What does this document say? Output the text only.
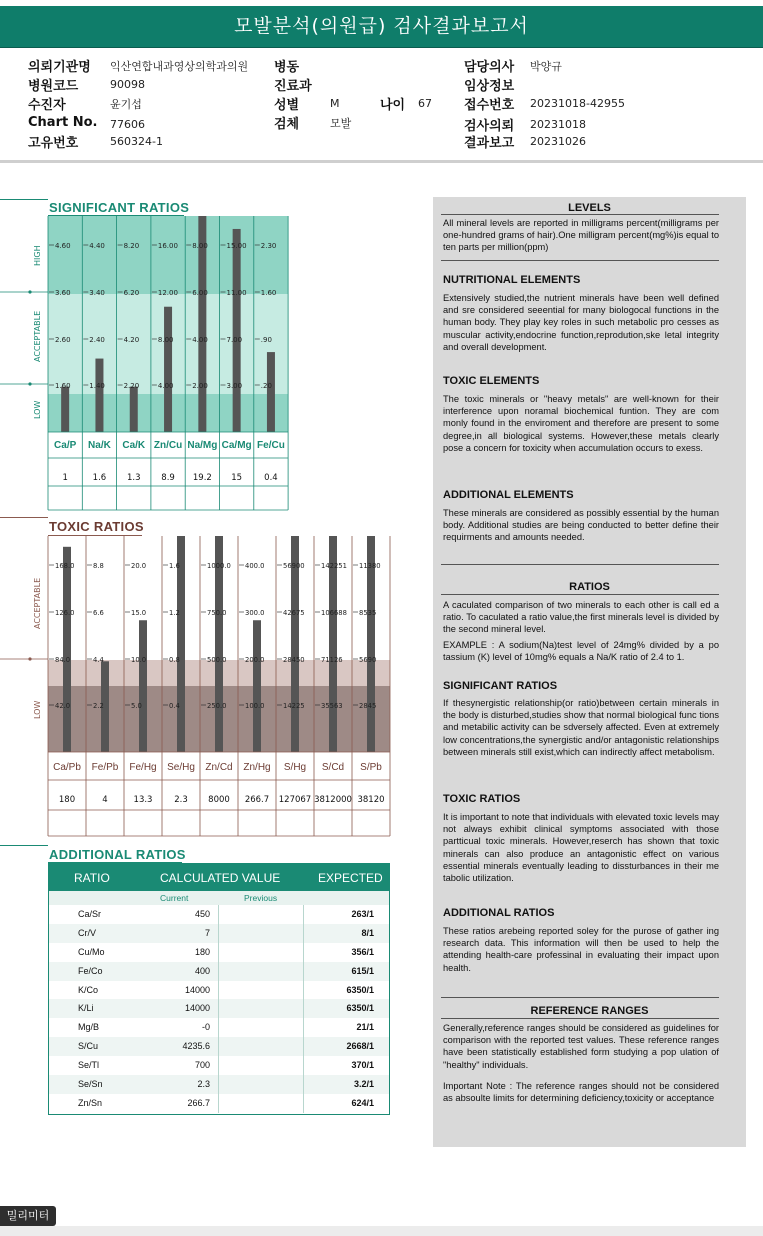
모발분석(의원급) 검사결과보고서
의뢰기관명 익산연합내과영상의학과의원
병원코드	90098
수진자	윤기섭
Chart No. 77606
고유번호	560324-1
병동
진료과
성별	M	나이 67
검체	모발
담당의사 박양규
임상정보
접수번호 20231018-42955
검사의뢰 20231018
결과보고 20231026
SIGNIFICANT RATIOS
HIGH
ACCEPTABLE
LOW
4.60
3.60
2.60
1.60
Ca/P
1
4.40
3.40
2.40
1.40
Na/K
1.6
8.20
6.20
4.20
2.20
Ca/K
1.3
16.00
12.00
8.00
4.00
Zn/Cu
8.9
8.00
6.00
4.00
2.00
Na/Mg
19.2
15.00
11.00
7.00
3.00
Ca/Mg
15
2.30
1.60
.90
.20
Fe/Cu
0.4
TOXIC RATIOS
ACCEPTABLE
LOW
168.0
126.0
84.0
42.0
Ca/Pb
180
8.8
6.6
4.4
2.2
Fe/Pb
4
20.0
15.0
10.0
5.0
Fe/Hg
13.3
1.6
1.2
0.8
0.4
Se/Hg
2.3
1000.0
750.0
500.0
250.0
Zn/Cd
8000
400.0
300.0
200.0
100.0
Zn/Hg
266.7
56900
42675
28450
14225
S/Hg
127067
142251
106688
71126
35563
S/Cd
3812000
11380
8535
5690
2845
S/Pb
38120
ADDITIONAL RATIOS
RATIO	CALCULATED VALUE	EXPECTED
Current	Previous
Ca/Sr	450	263/1
Cr/V	7	8/1
Cu/Mo	180	356/1
Fe/Co	400	615/1
K/Co	14000	6350/1
K/Li	14000	6350/1
Mg/B	-0	21/1
S/Cu	4235.6	2668/1
Se/Tl	700	370/1
Se/Sn	2.3	3.2/1
Zn/Sn	266.7	624/1
LEVELS
All mineral levels are reported in milligrams percent(milligrams per one-hundred grams of hair).One milligram percent(mg%)is equal to ten parts per million(ppm)
NUTRITIONAL ELEMENTS
Extensively studied,the nutrient minerals have been well defined and sre considered seeential for many biologocal functions in the human body. They play key roles in such metabolic pro cesses as muscular activity,endocrine function,reprodution,ske letal integrity and overall development.
TOXIC ELEMENTS
The toxic minerals or "heavy metals" are well-known for their interference upon noramal biochemical funtion. They are com monly found in the enviroment and therefore are present to some degree,in all biological systems. However,these metals clearly pose a concern for toxicity when accumulation occurs to exess.
ADDITIONAL ELEMENTS
These minerals are considered as possibly essential by the human body. Additional studies are being conducted to better define their requirments and amounts needed.
RATIOS
A caculated comparison of two minerals to each other is call ed a ratio. To caculated a ratio value,the first minerals level is divided by the second mineral level.
EXAMPLE : A sodium(Na)test level of 24mg% divided by a po tassium (K) level of 10mg% equals a Na/K ratio of 2.4 to 1.
SIGNIFICANT RATIOS
If thesynergistic relationship(or ratio)between certain minerals in the body is disturbed,studies show that normal biological func tions and metabilic activity can be sdversely affected. Even at extremely low concentrations,the synergistic and/or antagonistic relationships between minerals still exist,which can indirectly affect metabolism.
TOXIC RATIOS
It is important to note that individuals with elevated toxic levels may not always exhibit clinical symptoms associated with those partticual toxic minerals. However,reserch has shown that toxic minerals can also produce an antagonistic effect on various essential minerals eventually leading to dissturbances in their me tabolic utilization.
ADDITIONAL RATIOS
These ratios arebeing reported soley for the purose of gather ing research data. This information will then be used to help the attending health-care professinal in evaluating their impact upon health.
REFERENCE RANGES
Generally,reference ranges should be considered as guidelines for comparison with the reported test values. These reference ranges have been statistically established form studying a pop ulation of "healthy" individuals.
Important Note : The reference ranges should not be considered as absoulte limits for determining deficiency,toxicity or acceptance
밀리미터
